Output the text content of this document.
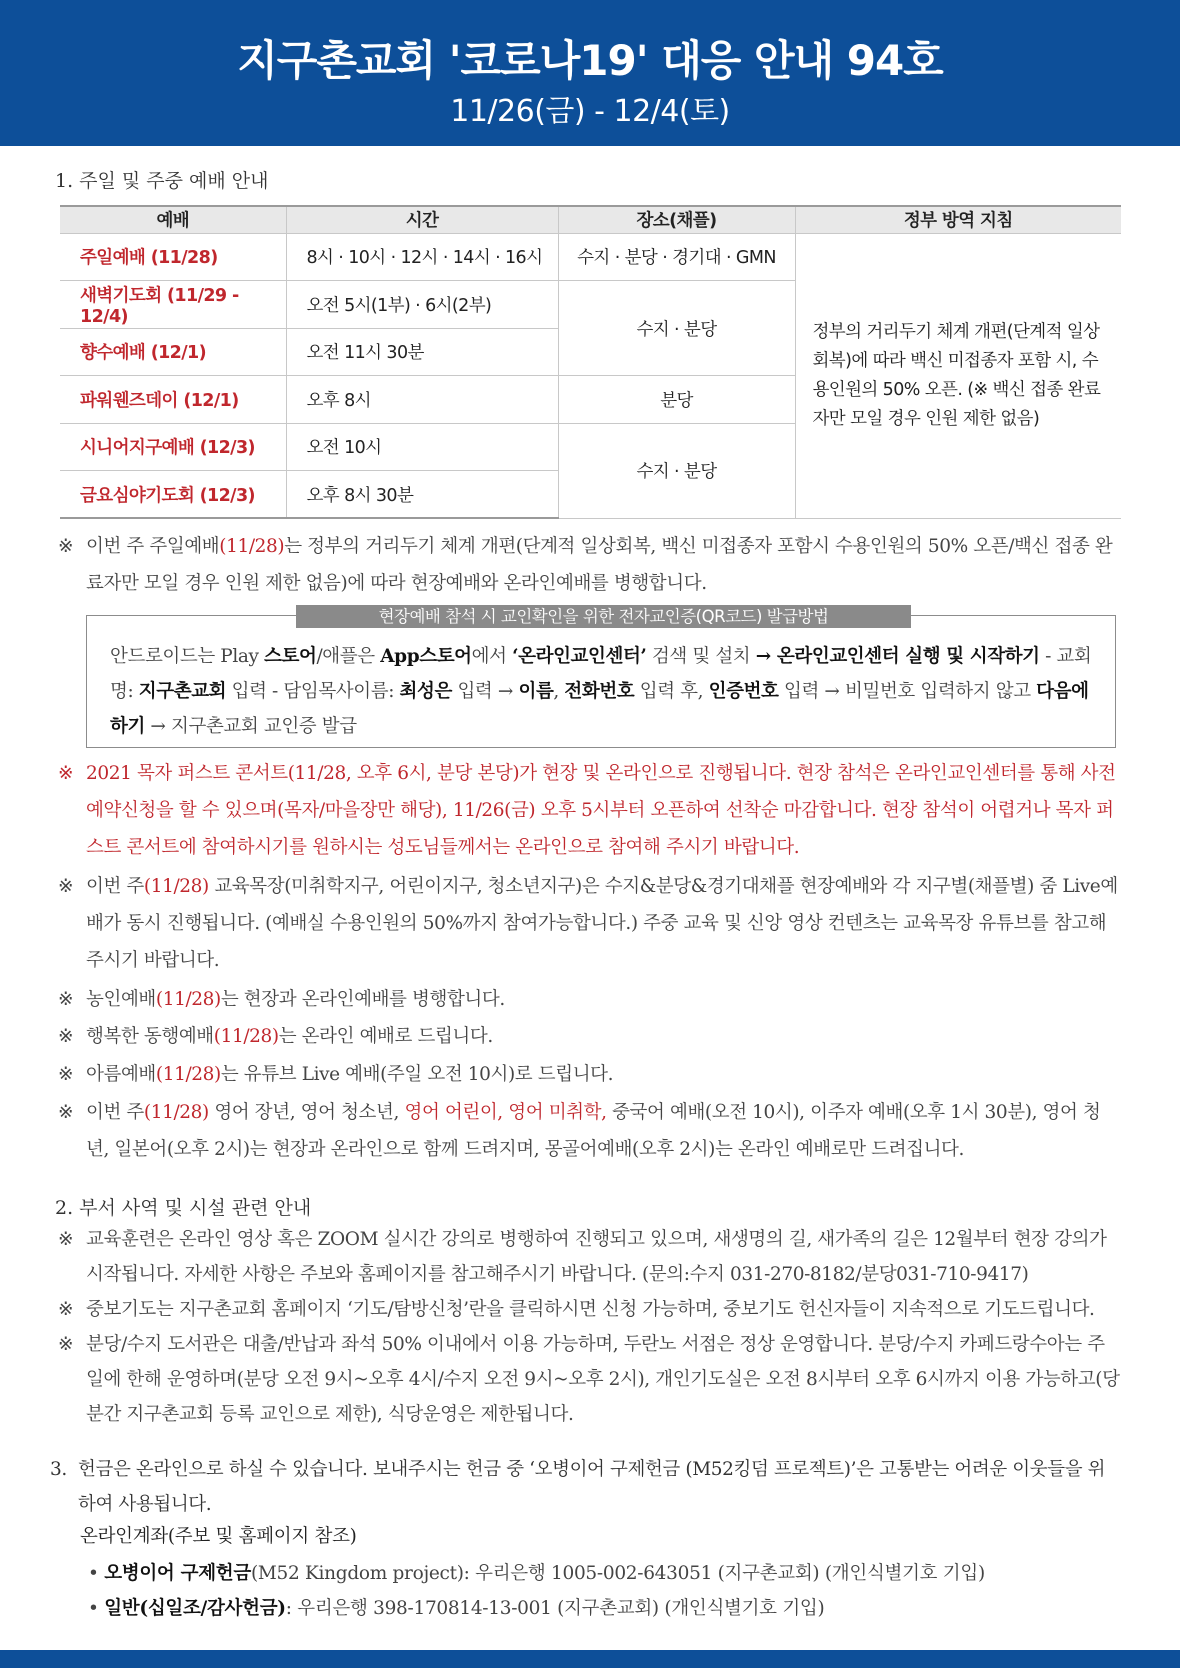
지구촌교회 '코로나19' 대응 안내 94호
11/26(금) - 12/4(토)
1. 주일 및 주중 예배 안내
예배	시간	장소(채플)	정부 방역 지침
주일예배 (11/28)	8시 · 10시 · 12시 · 14시 · 16시	수지 · 분당 · 경기대 · GMN	정부의 거리두기 체계 개편(단계적 일상회복)에 따라 백신 미접종자 포함 시, 수용인원의 50% 오픈. (※ 백신 접종 완료자만 모일 경우 인원 제한 없음)
새벽기도회 (11/29 - 12/4)	오전 5시(1부) · 6시(2부)	수지 · 분당	
향수예배 (12/1)	오전 11시 30분		
파워웬즈데이 (12/1)	오후 8시	분당	
시니어지구예배 (12/3)	오전 10시	수지 · 분당	
금요심야기도회 (12/3)	오후 8시 30분		
※ 이번 주 주일예배(11/28)는 정부의 거리두기 체계 개편(단계적 일상회복, 백신 미접종자 포함시 수용인원의 50% 오픈/백신 접종 완료자만 모일 경우 인원 제한 없음)에 따라 현장예배와 온라인예배를 병행합니다.
현장예배 참석 시 교인확인을 위한 전자교인증(QR코드) 발급방법
안드로이드는 Play 스토어/애플은 App스토어에서 ‘온라인교인센터’ 검색 및 설치 → 온라인교인센터 실행 및 시작하기 - 교회명: 지구촌교회 입력 - 담임목사이름: 최성은 입력 → 이름, 전화번호 입력 후, 인증번호 입력 → 비밀번호 입력하지 않고 다음에 하기 → 지구촌교회 교인증 발급
※ 2021 목자 퍼스트 콘서트(11/28, 오후 6시, 분당 본당)가 현장 및 온라인으로 진행됩니다. 현장 참석은 온라인교인센터를 통해 사전예약신청을 할 수 있으며(목자/마을장만 해당), 11/26(금) 오후 5시부터 오픈하여 선착순 마감합니다. 현장 참석이 어렵거나 목자 퍼스트 콘서트에 참여하시기를 원하시는 성도님들께서는 온라인으로 참여해 주시기 바랍니다.
※ 이번 주(11/28) 교육목장(미취학지구, 어린이지구, 청소년지구)은 수지&분당&경기대채플 현장예배와 각 지구별(채플별) 줌 Live예배가 동시 진행됩니다. (예배실 수용인원의 50%까지 참여가능합니다.) 주중 교육 및 신앙 영상 컨텐츠는 교육목장 유튜브를 참고해 주시기 바랍니다.
※ 농인예배(11/28)는 현장과 온라인예배를 병행합니다.
※ 행복한 동행예배(11/28)는 온라인 예배로 드립니다.
※ 아름예배(11/28)는 유튜브 Live 예배(주일 오전 10시)로 드립니다.
※ 이번 주(11/28) 영어 장년, 영어 청소년, 영어 어린이, 영어 미취학, 중국어 예배(오전 10시), 이주자 예배(오후 1시 30분), 영어 청년, 일본어(오후 2시)는 현장과 온라인으로 함께 드려지며, 몽골어예배(오후 2시)는 온라인 예배로만 드려집니다.
2. 부서 사역 및 시설 관련 안내
※ 교육훈련은 온라인 영상 혹은 ZOOM 실시간 강의로 병행하여 진행되고 있으며, 새생명의 길, 새가족의 길은 12월부터 현장 강의가 시작됩니다. 자세한 사항은 주보와 홈페이지를 참고해주시기 바랍니다. (문의:수지 031-270-8182/분당031-710-9417)
※ 중보기도는 지구촌교회 홈페이지 ‘기도/탐방신청’란을 클릭하시면 신청 가능하며, 중보기도 헌신자들이 지속적으로 기도드립니다.
※ 분당/수지 도서관은 대출/반납과 좌석 50% 이내에서 이용 가능하며, 두란노 서점은 정상 운영합니다. 분당/수지 카페드랑수아는 주일에 한해 운영하며(분당 오전 9시~오후 4시/수지 오전 9시~오후 2시), 개인기도실은 오전 8시부터 오후 6시까지 이용 가능하고(당분간 지구촌교회 등록 교인으로 제한), 식당운영은 제한됩니다.
3. 헌금은 온라인으로 하실 수 있습니다. 보내주시는 헌금 중 ‘오병이어 구제헌금 (M52킹덤 프로젝트)’은 고통받는 어려운 이웃들을 위하여 사용됩니다.
온라인계좌(주보 및 홈페이지 참조)
• 오병이어 구제헌금(M52 Kingdom project): 우리은행 1005-002-643051 (지구촌교회) (개인식별기호 기입)
• 일반(십일조/감사헌금): 우리은행 398-170814-13-001 (지구촌교회) (개인식별기호 기입)
